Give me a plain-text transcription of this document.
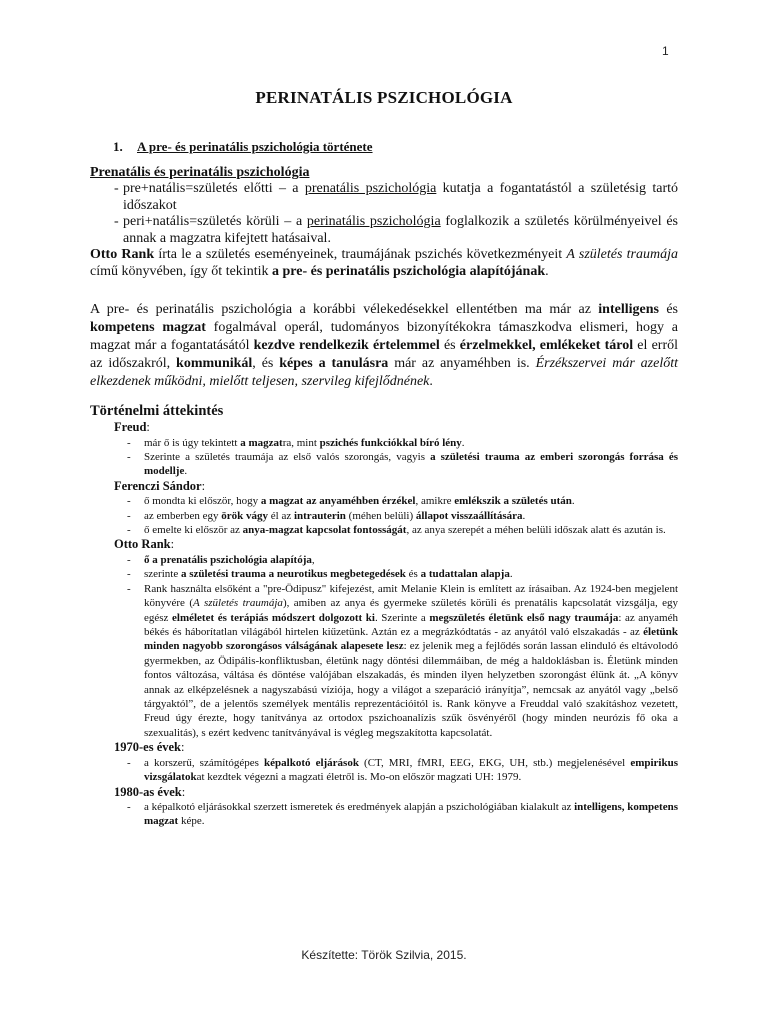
1
PERINATÁLIS PSZICHOLÓGIA
1. A pre- és perinatális pszichológia története
Prenatális és perinatális pszichológia
- pre+natális=születés előtti – a prenatális pszichológia kutatja a fogantatástól a születésig tartó időszakot
- peri+natális=születés körüli – a perinatális pszichológia foglalkozik a születés körülményeivel és annak a magzatra kifejtett hatásaival.
Otto Rank írta le a születés eseményeinek, traumájának pszichés következményeit A születés traumája című könyvében, így őt tekintik a pre- és perinatális pszichológia alapítójának.
A pre- és perinatális pszichológia a korábbi vélekedésekkel ellentétben ma már az intelligens és kompetens magzat fogalmával operál, tudományos bizonyítékokra támaszkodva elismeri, hogy a magzat már a fogantatásától kezdve rendelkezik értelemmel és érzelmekkel, emlékeket tárol el erről az időszakról, kommunikál, és képes a tanulásra már az anyaméhben is. Érzékszervei már azelőtt elkezdenek működni, mielőtt teljesen, szervileg kifejlődnének.
Történelmi áttekintés
Freud:
- már ő is úgy tekintett a magzatra, mint pszichés funkciókkal bíró lény.
- Szerinte a születés traumája az első valós szorongás, vagyis a születési trauma az emberi szorongás forrása és modellje.
Ferenczi Sándor:
- ő mondta ki először, hogy a magzat az anyaméhben érzékel, amikre emlékszik a születés után.
- az emberben egy örök vágy él az intrauterin (méhen belüli) állapot visszaállítására.
- ő emelte ki először az anya-magzat kapcsolat fontosságát, az anya szerepét a méhen belüli időszak alatt és azután is.
Otto Rank:
- ő a prenatális pszichológia alapítója,
- szerinte a születési trauma a neurotikus megbetegedések és a tudattalan alapja.
- Rank használta elsőként a "pre-Ödipusz" kifejezést, amit Melanie Klein is említett az írásaiban. Az 1924-ben megjelent könyvére (A születés traumája), amiben az anya és gyermeke születés körüli és prenatális kapcsolatát vizsgálja, egy egész elméletet és terápiás módszert dolgozott ki. Szerinte a megszületés életünk első nagy traumája: az anyaméh békés és háborítatlan világából hirtelen kiűzetünk. Aztán ez a megrázkódtatás - az anyától való elszakadás - az életünk minden nagyobb szorongásos válságának alapesete lesz: ez jelenik meg a fejlődés során lassan elinduló és eltávolodó gyermekben, az Ödipális-konfliktusban, életünk nagy döntési dilemmáiban, de még a haldoklásban is. Életünk minden fontos változása, váltása és döntése valójában elszakadás, és minden ilyen helyzetben szorongást élünk át. „A könyv annak az elképzelésnek a nagyszabású víziója, hogy a világot a szeparáció irányítja”, nemcsak az anyától vagy „belső tárgyaktól”, de a jelentős személyek mentális reprezentációitól is. Rank könyve a Freuddal való szakításhoz vezetett, Freud úgy érezte, hogy tanítványa az ortodox pszichoanalízis szűk ösvényéről (hogy minden neurózis fő oka a szexualitás), s ezért kedvenc tanítványával is végleg megszakította kapcsolatát.
1970-es évek:
- a korszerű, számítógépes képalkotó eljárások (CT, MRI, fMRI, EEG, EKG, UH, stb.) megjelenésével empirikus vizsgálatokat kezdtek végezni a magzati életről is. Mo-on először magzati UH: 1979.
1980-as évek:
- a képalkotó eljárásokkal szerzett ismeretek és eredmények alapján a pszichológiában kialakult az intelligens, kompetens magzat képe.
Készítette: Török Szilvia, 2015.
